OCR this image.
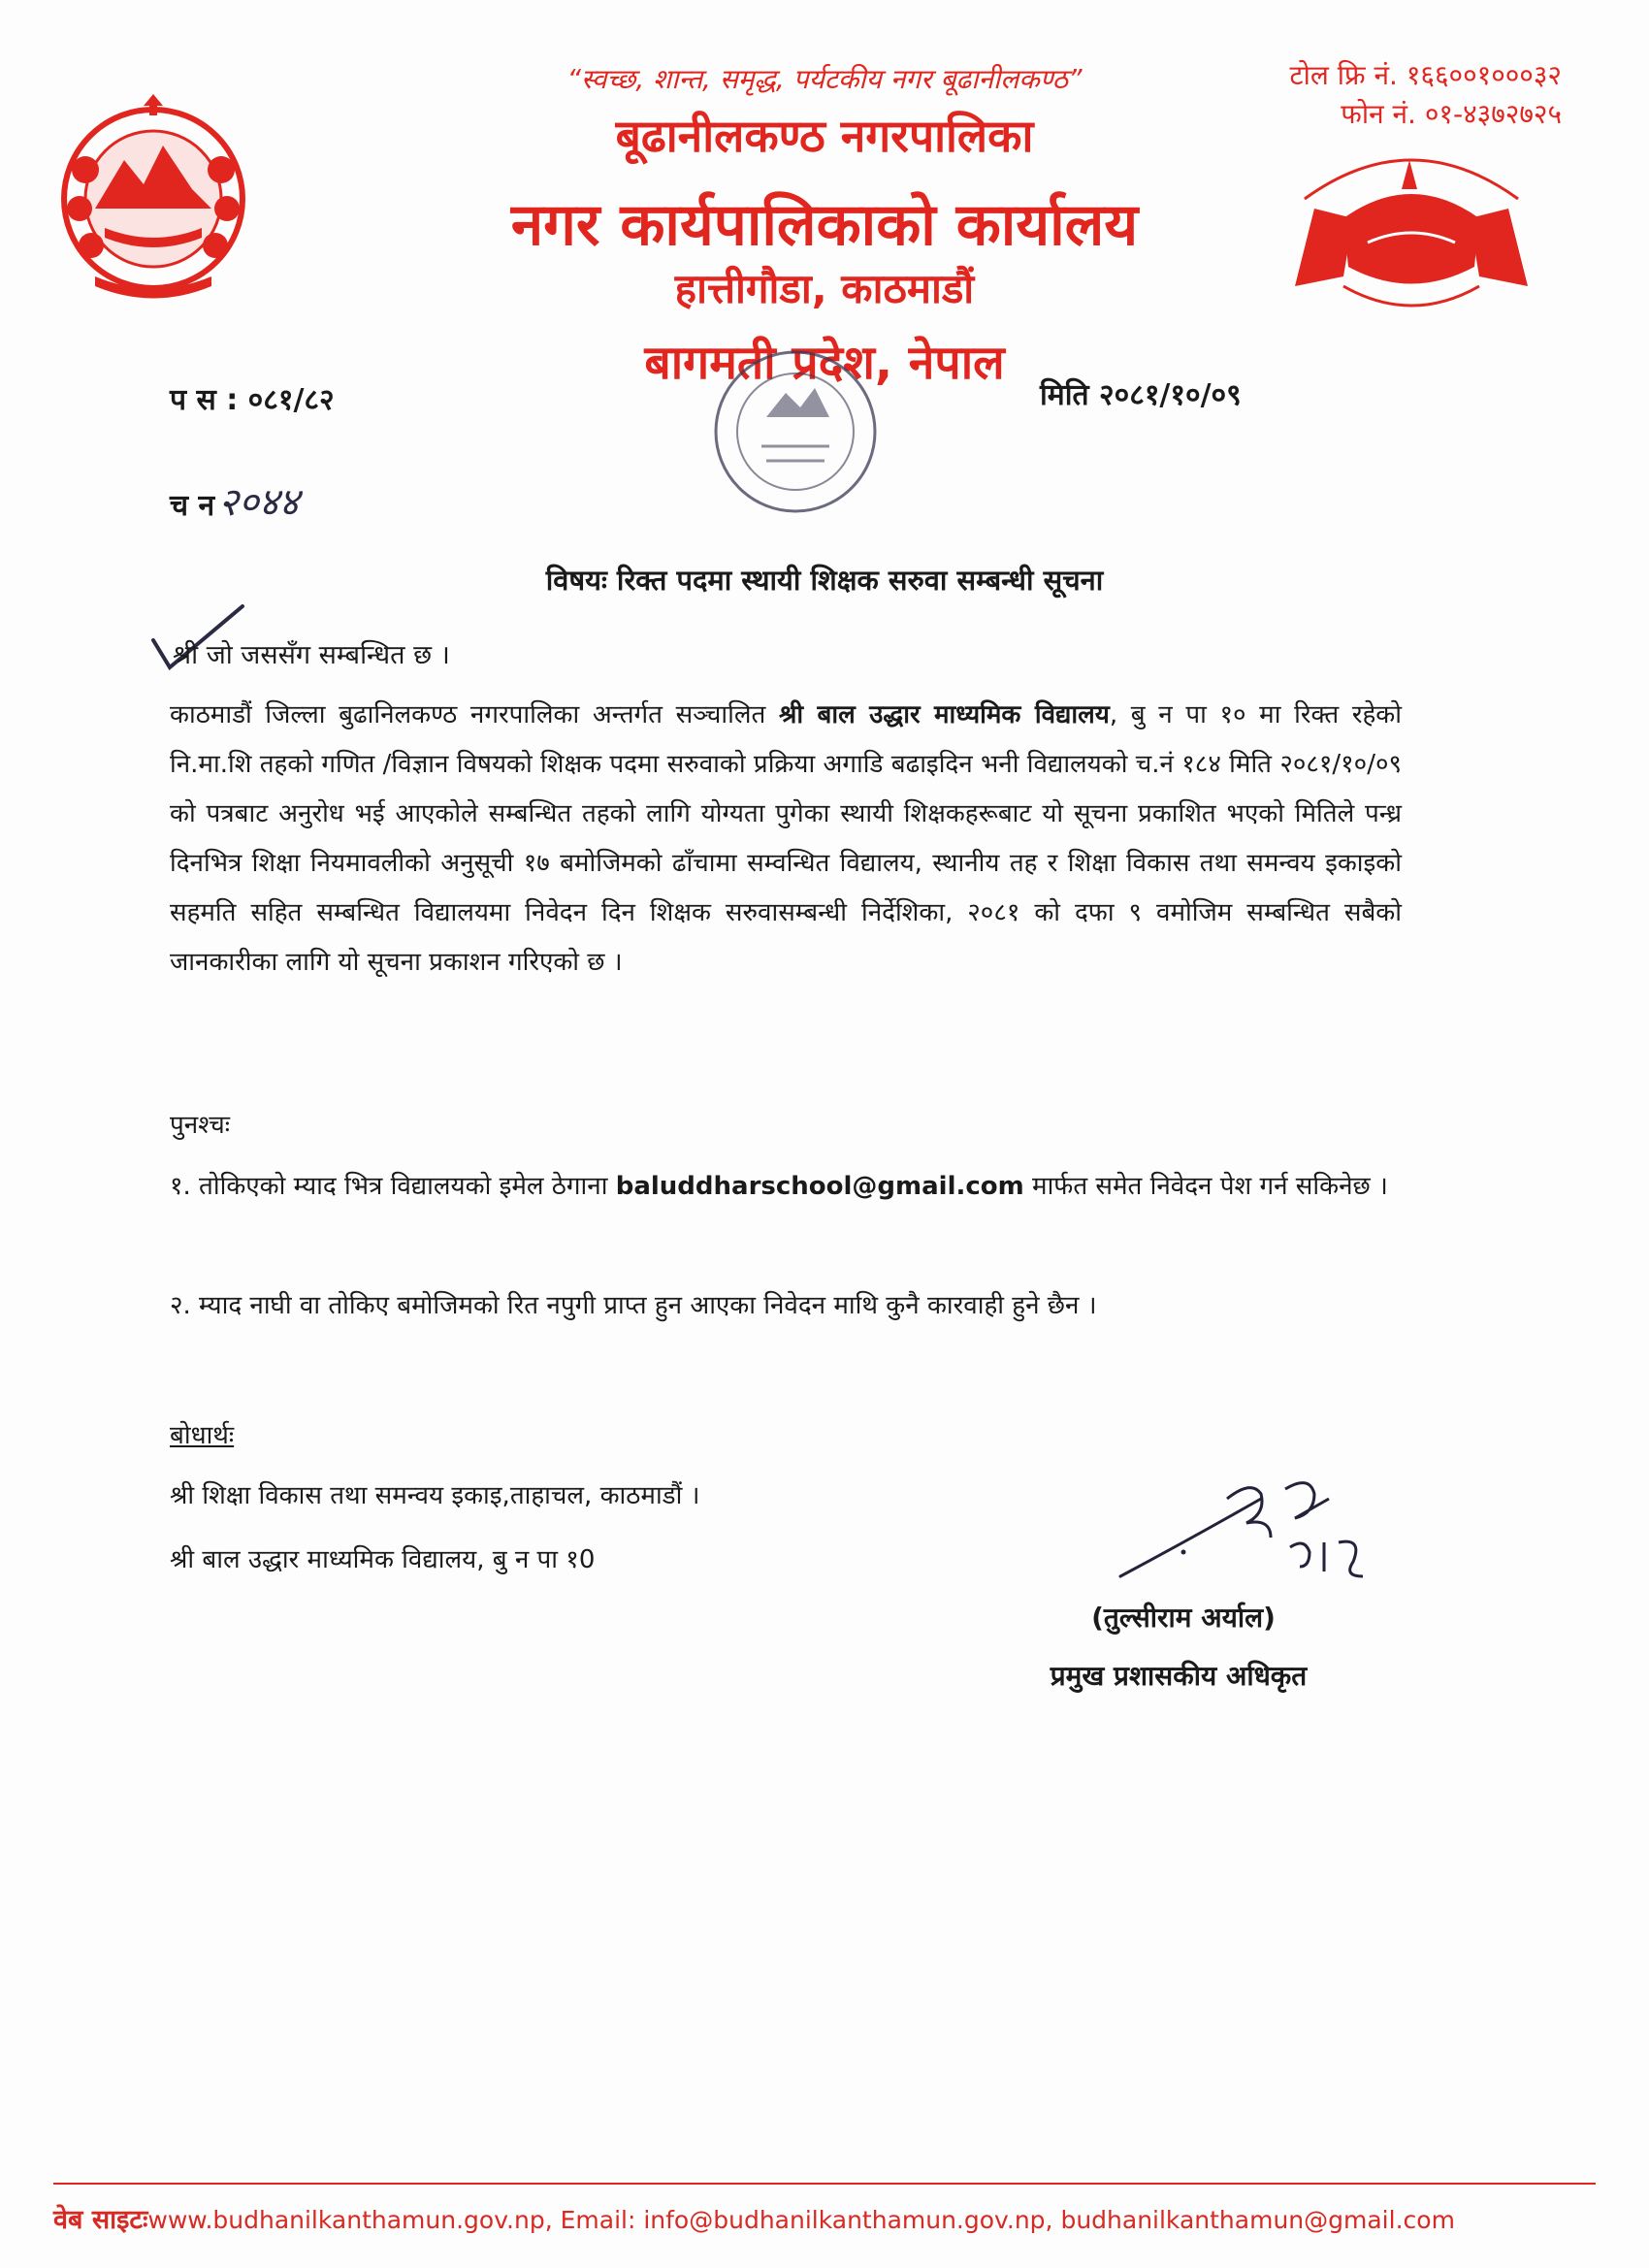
“स्वच्छ, शान्त, समृद्ध, पर्यटकीय नगर बूढानीलकण्ठ”
बूढानीलकण्ठ नगरपालिका
नगर कार्यपालिकाको कार्यालय
हात्तीगौडा, काठमाडौं
बागमती प्रदेश, नेपाल
टोल फ्रि नं. १६६००१०००३२
फोन नं. ०१-४३७२७२५
प स : ०८१/८२	मिति २०८१/१०/०९
च न २०४४
विषयः रिक्त पदमा स्थायी शिक्षक सरुवा सम्बन्धी सूचना
श्री जो जससँग सम्बन्धित छ ।
काठमाडौं जिल्ला बुढानिलकण्ठ नगरपालिका अन्तर्गत सञ्चालित श्री बाल उद्धार माध्यमिक विद्यालय, बु न पा १० मा रिक्त रहेको नि.मा.शि तहको गणित /विज्ञान विषयको शिक्षक पदमा सरुवाको प्रक्रिया अगाडि बढाइदिन भनी विद्यालयको च.नं १८४ मिति २०८१/१०/०९ को पत्रबाट अनुरोध भई आएकोले सम्बन्धित तहको लागि योग्यता पुगेका स्थायी शिक्षकहरूबाट यो सूचना प्रकाशित भएको मितिले पन्ध्र दिनभित्र शिक्षा नियमावलीको अनुसूची १७ बमोजिमको ढाँचामा सम्वन्धित विद्यालय, स्थानीय तह र शिक्षा विकास तथा समन्वय इकाइको सहमति सहित सम्बन्धित विद्यालयमा निवेदन दिन शिक्षक सरुवासम्बन्धी निर्देशिका, २०८१ को दफा ९ वमोजिम सम्बन्धित सबैको जानकारीका लागि यो सूचना प्रकाशन गरिएको छ ।
पुनश्चः
१. तोकिएको म्याद भित्र विद्यालयको इमेल ठेगाना baluddharschool@gmail.com मार्फत समेत निवेदन पेश गर्न सकिनेछ ।
२. म्याद नाघी वा तोकिए बमोजिमको रित नपुगी प्राप्त हुन आएका निवेदन माथि कुनै कारवाही हुने छैन ।
बोधार्थः
श्री शिक्षा विकास तथा समन्वय इकाइ,ताहाचल, काठमाडौं ।
श्री बाल उद्धार माध्यमिक विद्यालय, बु न पा १0
(तुल्सीराम अर्याल)
प्रमुख प्रशासकीय अधिकृत
वेब साइटःwww.budhanilkanthamun.gov.np, Email: info@budhanilkanthamun.gov.np, budhanilkanthamun@gmail.com
